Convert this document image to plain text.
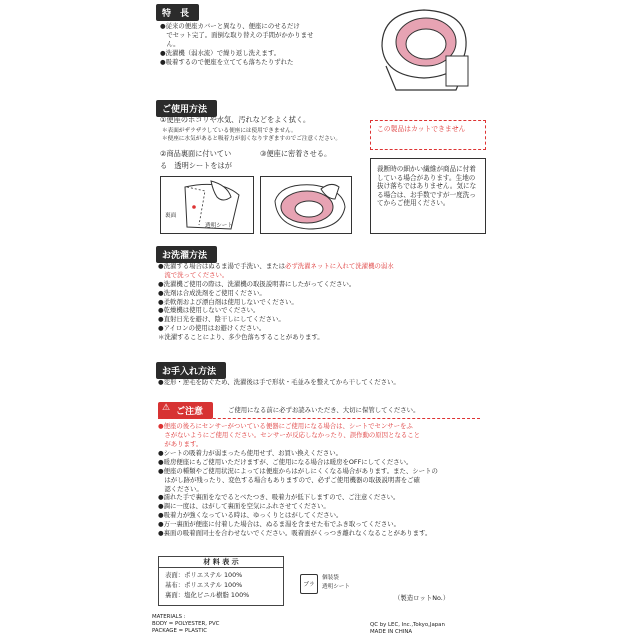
特　長
●従来の便座カバーと異なり、便座にのせるだけ
　でセット完了。面倒な取り替えの手間がかかりませ
　ん。
●洗濯機（弱水流）で繰り返し洗えます。
●吸着するので便座を立てても落ちたりずれた
ご使用方法
①便座のホコリや水気、汚れなどをよく拭く。
＊表面がザラザラしている便座には使用できません。
＊便座に水気があると吸着力が弱くなりすぎますのでご注意ください。
この製品はカットできません
②商品裏面に付いてい
る　透明シートをはが
③便座に密着させる。
裏面
透明シート
裁断時の細かい繊維が商品に付着している場合があります。生地の抜け落ちではありません。気になる場合は、お手数ですが一度洗ってからご使用ください。
お洗濯方法
●洗濯する場合はぬるま湯で手洗い、または必ず洗濯ネットに入れて洗濯機の弱水
　流で洗ってください。
●洗濯機ご使用の際は、洗濯機の取扱説明書にしたがってください。
●洗剤は合成洗剤をご使用ください。
●柔軟剤および漂白剤は使用しないでください。
●乾燥機は使用しないでください。
●直射日光を避け、陰干しにしてください。
●アイロンの使用はお避けください。
＊洗濯することにより、多少色落ちすることがあります。
お手入れ方法
●変形・逆毛を防ぐため、洗濯後は手で形状・毛並みを整えてから干してください。
⚠ ご注意	ご使用になる前に必ずお読みいただき、大切に保管してください。
●便座の後ろにセンサーがついている便器にご使用になる場合は、シートでセンサーをふ
　さがないようにご使用ください。センサーが反応しなかったり、誤作動の原因となること
　があります。
●シートの吸着力が弱まったら使用せず、お買い換えください。
●暖房便座にもご使用いただけますが、ご使用になる場合は暖房をOFFにしてください。
●便座の種類やご使用状況によっては便座からはがしにくくなる場合があります。また、シートの
　はがし跡が残ったり、変色する場合もありますので、必ずご使用機器の取扱説明書をご確
　認ください。
●濡れた手で裏面をなでるとべたつき、吸着力が低下しますので、ご注意ください。
●調に一度は、はがして裏面を空気にふれさせてください。
●吸着力が強くなっている時は、ゆっくりとはがしてください。
●万一裏面が便座に付着した場合は、ぬるま湯を含ませた布でふき取ってください。
●裏面の吸着面同士を合わせないでください。吸着面がくっつき離れなくなることがあります。
材 料 表 示
表面：ポリエステル 100%
基布：ポリエステル 100%
裏面：塩化ビニル樹脂 100%
プラ
個装袋
透明シート
（製造ロットNo.）
MATERIALS :
BODY = POLYESTER, PVC
PACKAGE = PLASTIC
QC by LEC, Inc.,Tokyo,Japan
MADE IN CHINA
